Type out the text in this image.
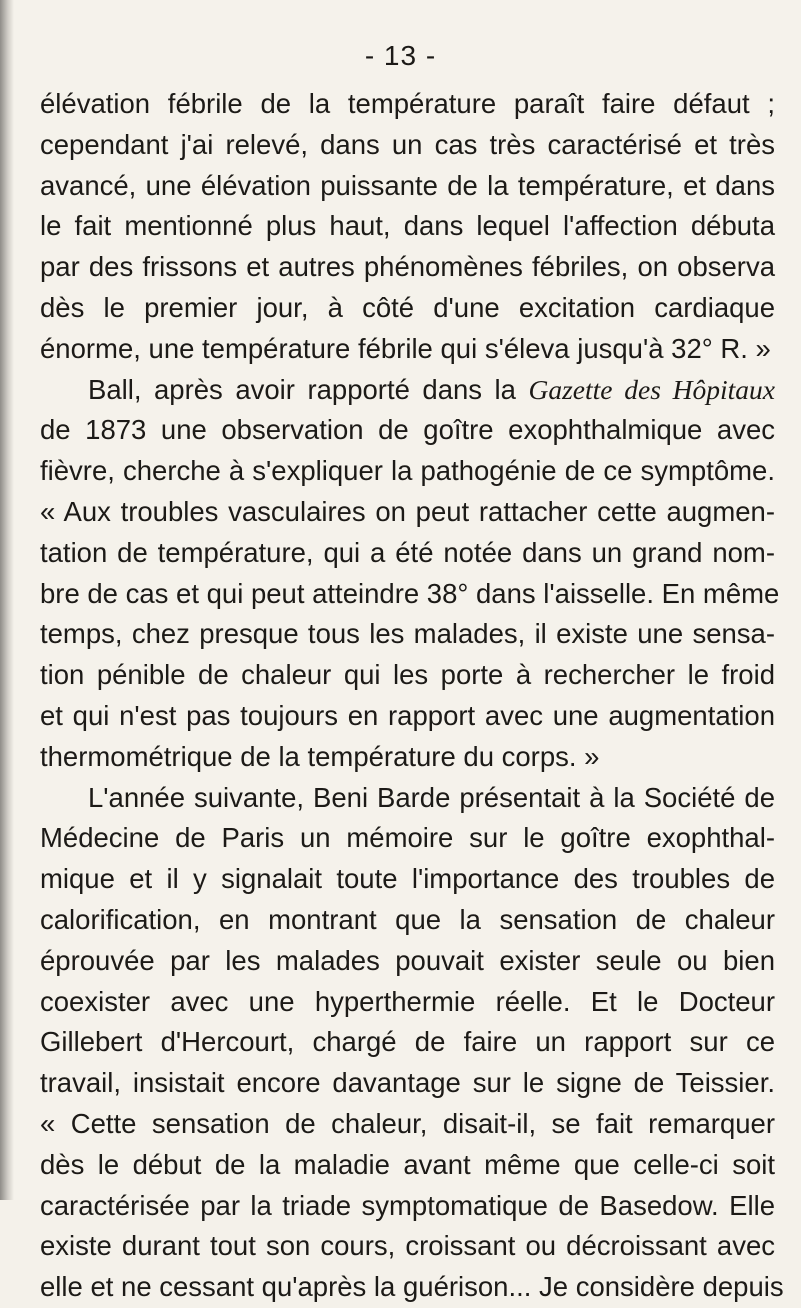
- 13 -
élévation fébrile de la température paraît faire défaut ;
cependant j'ai relevé, dans un cas très caractérisé et très
avancé, une élévation puissante de la température, et dans
le fait mentionné plus haut, dans lequel l'affection débuta
par des frissons et autres phénomènes fébriles, on observa
dès le premier jour, à côté d'une excitation cardiaque
énorme, une température fébrile qui s'éleva jusqu'à 32° R. »
Ball, après avoir rapporté dans la Gazette des Hôpitaux
de 1873 une observation de goître exophthalmique avec
fièvre, cherche à s'expliquer la pathogénie de ce symptôme.
« Aux troubles vasculaires on peut rattacher cette augmen-
tation de température, qui a été notée dans un grand nom-
bre de cas et qui peut atteindre 38° dans l'aisselle. En même
temps, chez presque tous les malades, il existe une sensa-
tion pénible de chaleur qui les porte à rechercher le froid
et qui n'est pas toujours en rapport avec une augmentation
thermométrique de la température du corps. »
L'année suivante, Beni Barde présentait à la Société de
Médecine de Paris un mémoire sur le goître exophthal-
mique et il y signalait toute l'importance des troubles de
calorification, en montrant que la sensation de chaleur
éprouvée par les malades pouvait exister seule ou bien
coexister avec une hyperthermie réelle. Et le Docteur
Gillebert d'Hercourt, chargé de faire un rapport sur ce
travail, insistait encore davantage sur le signe de Teissier.
« Cette sensation de chaleur, disait-il, se fait remarquer
dès le début de la maladie avant même que celle-ci soit
caractérisée par la triade symptomatique de Basedow. Elle
existe durant tout son cours, croissant ou décroissant avec
elle et ne cessant qu'après la guérison... Je considère depuis
